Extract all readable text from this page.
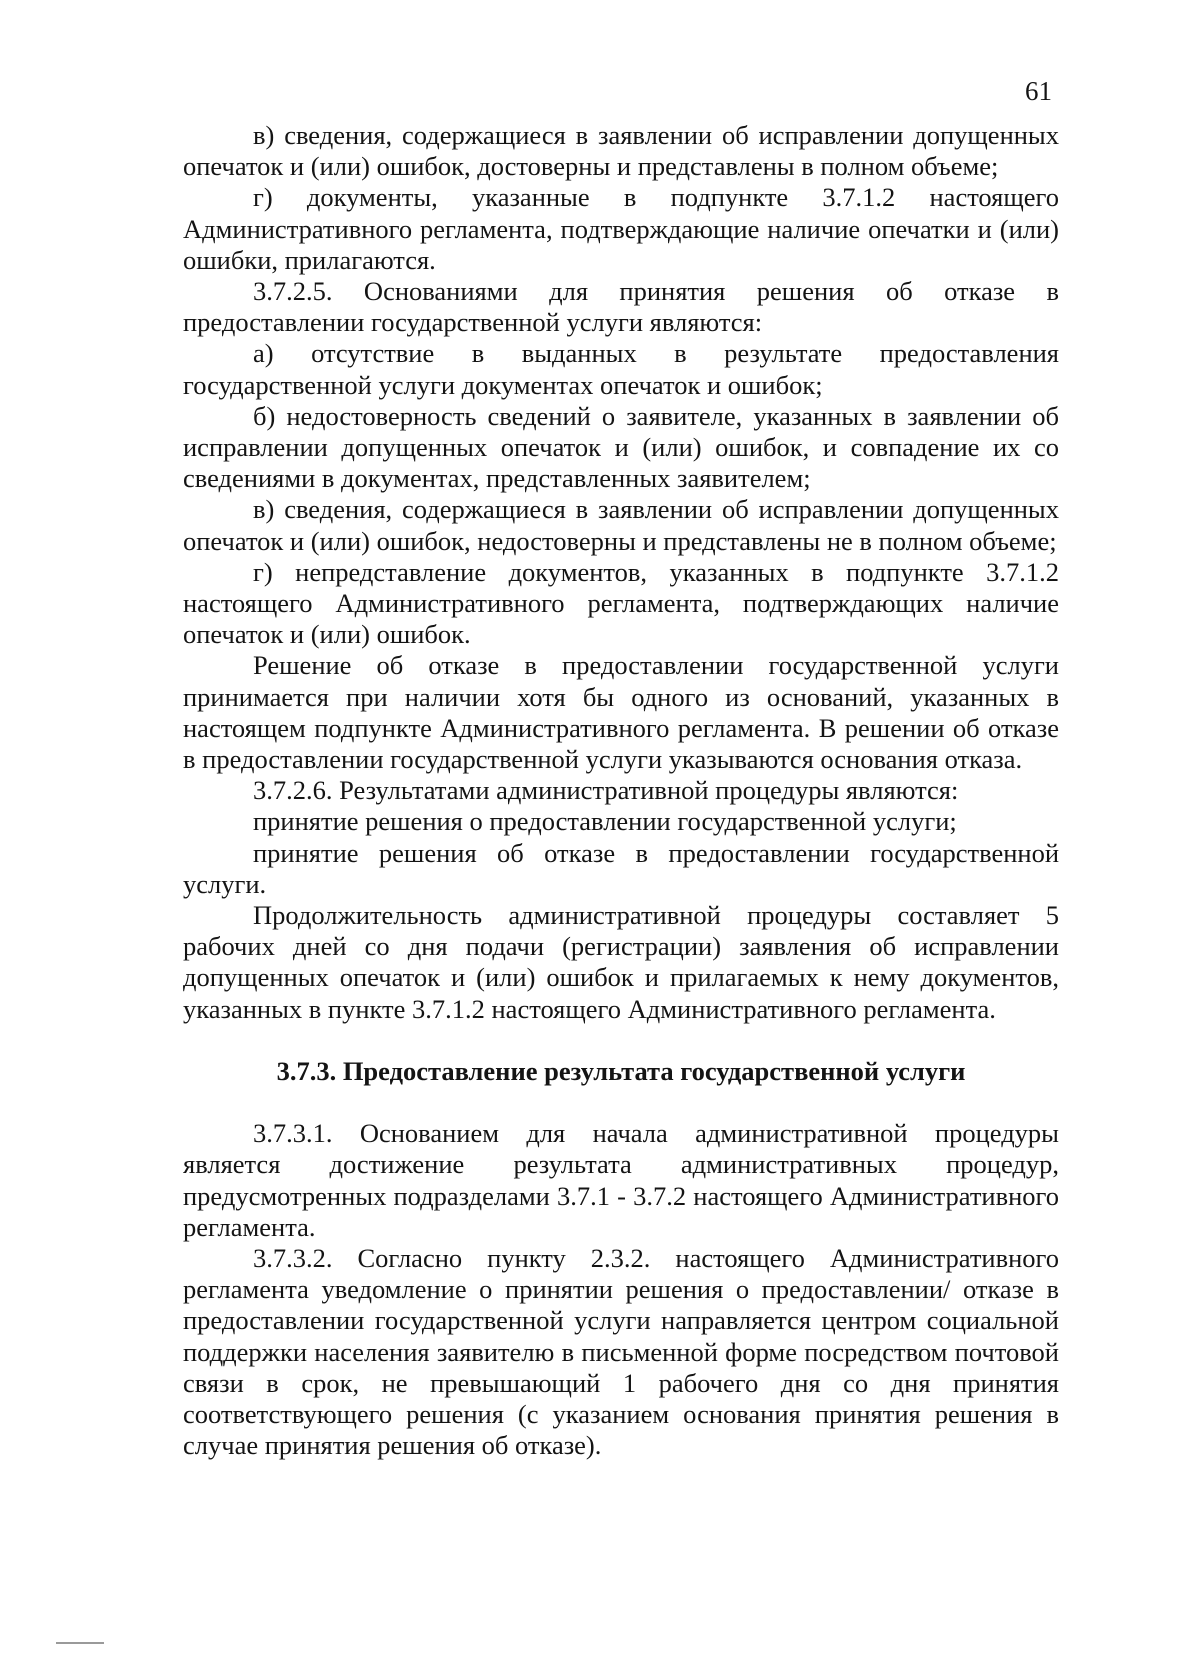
61

в) сведения, содержащиеся в заявлении об исправлении допущенных опечаток и (или) ошибок, достоверны и представлены в полном объеме;

г) документы, указанные в подпункте 3.7.1.2 настоящего Административного регламента, подтверждающие наличие опечатки и (или) ошибки, прилагаются.

3.7.2.5. Основаниями для принятия решения об отказе в предоставлении государственной услуги являются:

а) отсутствие в выданных в результате предоставления государственной услуги документах опечаток и ошибок;

б) недостоверность сведений о заявителе, указанных в заявлении об исправлении допущенных опечаток и (или) ошибок, и совпадение их со сведениями в документах, представленных заявителем;

в) сведения, содержащиеся в заявлении об исправлении допущенных опечаток и (или) ошибок, недостоверны и представлены не в полном объеме;

г) непредставление документов, указанных в подпункте 3.7.1.2 настоящего Административного регламента, подтверждающих наличие опечаток и (или) ошибок.

Решение об отказе в предоставлении государственной услуги принимается при наличии хотя бы одного из оснований, указанных в настоящем подпункте Административного регламента. В решении об отказе в предоставлении государственной услуги указываются основания отказа.

3.7.2.6. Результатами административной процедуры являются:

принятие решения о предоставлении государственной услуги;

принятие решения об отказе в предоставлении государственной услуги.

Продолжительность административной процедуры составляет 5 рабочих дней со дня подачи (регистрации) заявления об исправлении допущенных опечаток и (или) ошибок и прилагаемых к нему документов, указанных в пункте 3.7.1.2 настоящего Административного регламента.

3.7.3. Предоставление результата государственной услуги

3.7.3.1. Основанием для начала административной процедуры является достижение результата административных процедур, предусмотренных подразделами 3.7.1 - 3.7.2 настоящего Административного регламента.

3.7.3.2. Согласно пункту 2.3.2. настоящего Административного регламента уведомление о принятии решения о предоставлении/ отказе в предоставлении государственной услуги направляется центром социальной поддержки населения заявителю в письменной форме посредством почтовой связи в срок, не превышающий 1 рабочего дня со дня принятия соответствующего решения (с указанием основания принятия решения в случае принятия решения об отказе).
